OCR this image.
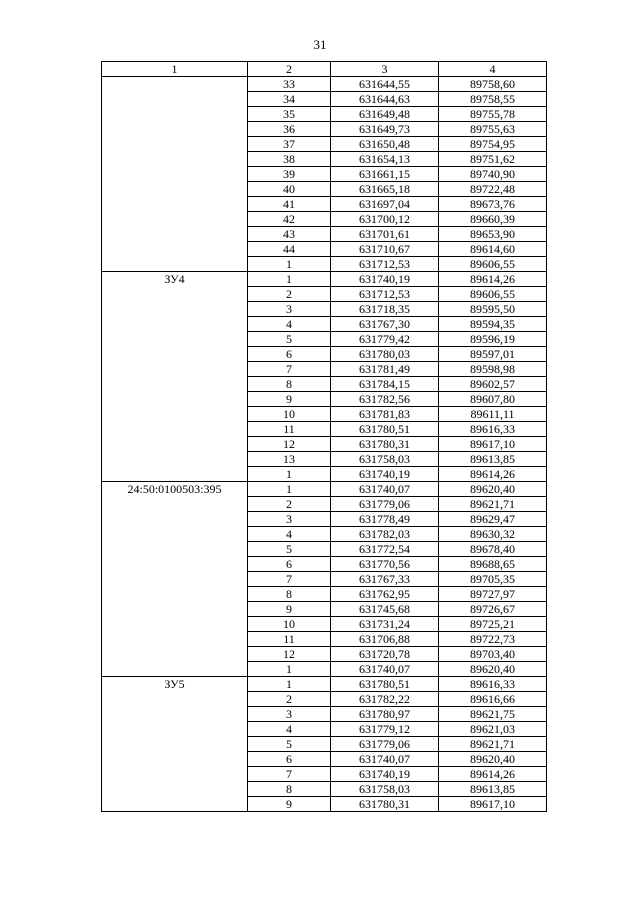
31
1	2	3	4
	33	631644,55	89758,60
	34	631644,63	89758,55
	35	631649,48	89755,78
	36	631649,73	89755,63
	37	631650,48	89754,95
	38	631654,13	89751,62
	39	631661,15	89740,90
	40	631665,18	89722,48
	41	631697,04	89673,76
	42	631700,12	89660,39
	43	631701,61	89653,90
	44	631710,67	89614,60
	1	631712,53	89606,55
ЗУ4	1	631740,19	89614,26
	2	631712,53	89606,55
	3	631718,35	89595,50
	4	631767,30	89594,35
	5	631779,42	89596,19
	6	631780,03	89597,01
	7	631781,49	89598,98
	8	631784,15	89602,57
	9	631782,56	89607,80
	10	631781,83	89611,11
	11	631780,51	89616,33
	12	631780,31	89617,10
	13	631758,03	89613,85
	1	631740,19	89614,26
24:50:0100503:395	1	631740,07	89620,40
	2	631779,06	89621,71
	3	631778,49	89629,47
	4	631782,03	89630,32
	5	631772,54	89678,40
	6	631770,56	89688,65
	7	631767,33	89705,35
	8	631762,95	89727,97
	9	631745,68	89726,67
	10	631731,24	89725,21
	11	631706,88	89722,73
	12	631720,78	89703,40
	1	631740,07	89620,40
ЗУ5	1	631780,51	89616,33
	2	631782,22	89616,66
	3	631780,97	89621,75
	4	631779,12	89621,03
	5	631779,06	89621,71
	6	631740,07	89620,40
	7	631740,19	89614,26
	8	631758,03	89613,85
	9	631780,31	89617,10
